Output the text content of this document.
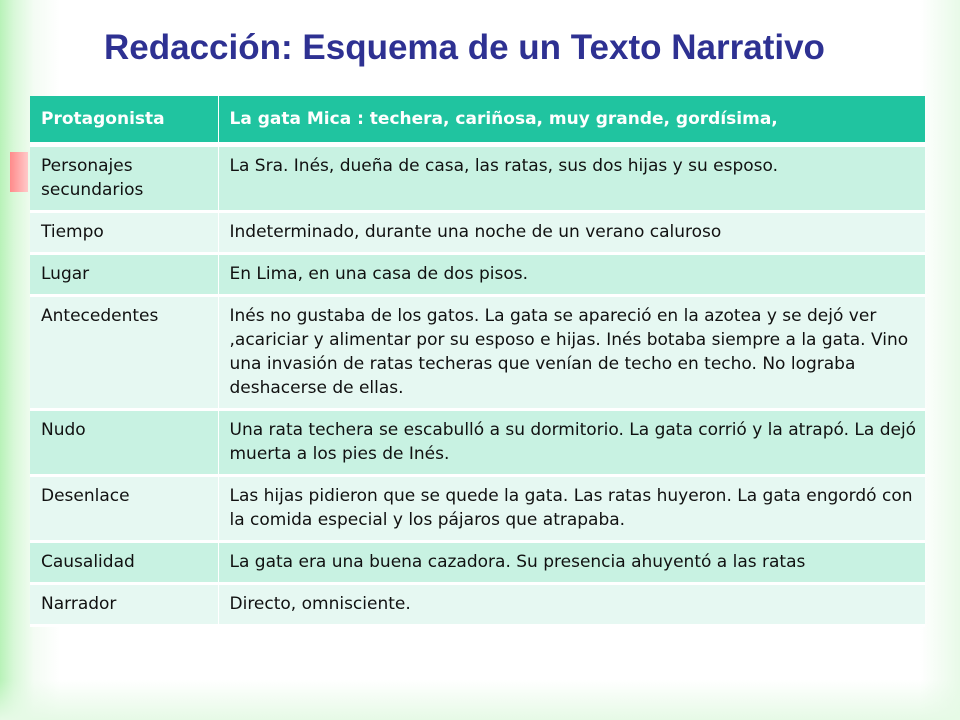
Redacción: Esquema de un Texto Narrativo
Protagonista	La gata Mica : techera, cariñosa, muy grande, gordísima,
Personajes secundarios	La Sra. Inés, dueña de casa, las ratas, sus dos hijas y su esposo.
Tiempo	Indeterminado, durante una noche de un verano caluroso
Lugar	En Lima, en una casa de dos pisos.
Antecedentes	Inés no gustaba de los gatos. La gata se apareció en la azotea y se dejó ver ,acariciar y alimentar por su esposo e hijas. Inés botaba siempre a la gata. Vino una invasión de ratas techeras que venían de techo en techo. No lograba deshacerse de ellas.
Nudo	Una rata techera se escabulló a su dormitorio. La gata corrió y la atrapó. La dejó muerta a los pies de Inés.
Desenlace	Las hijas pidieron que se quede la gata. Las ratas huyeron. La gata engordó con la comida especial y los pájaros que atrapaba.
Causalidad	La gata era una buena cazadora. Su presencia ahuyentó a las ratas
Narrador	Directo, omnisciente.
